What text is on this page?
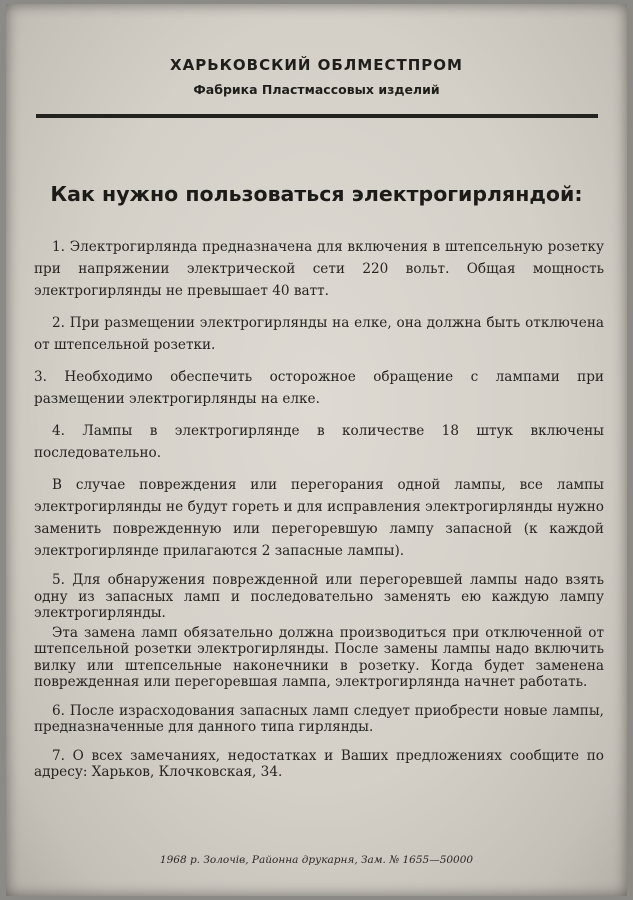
ХАРЬКОВСКИЙ ОБЛМЕСТПРОМ
Фабрика Пластмассовых изделий
Как нужно пользоваться электрогирляндой:

1. Электрогирлянда предназначена для включения в штепсельную розетку при напряжении электрической сети 220 вольт. Общая мощность электрогирлянды не превышает 40 ватт.

2. При размещении электрогирлянды на елке, она должна быть отключена от штепсельной розетки.

3. Необходимо обеспечить осторожное обращение с лампами при размещении электрогирлянды на елке.

4. Лампы в электрогирлянде в количестве 18 штук включены последовательно.

В случае повреждения или перегорания одной лампы, все лампы электрогирлянды не будут гореть и для исправления электрогирлянды нужно заменить поврежденную или перегоревшую лампу запасной (к каждой электрогирлянде прилагаются 2 запасные лампы).

5. Для обнаружения поврежденной или перегоревшей лампы надо взять одну из запасных ламп и последовательно заменять ею каждую лампу электрогирлянды.

Эта замена ламп обязательно должна производиться при отключенной от штепсельной розетки электрогирлянды. После замены лампы надо включить вилку или штепсельные наконечники в розетку. Когда будет заменена поврежденная или перегоревшая лампа, электрогирлянда начнет работать.

6. После израсходования запасных ламп следует приобрести новые лампы, предназначенные для данного типа гирлянды.

7. О всех замечаниях, недостатках и Ваших предложениях сообщите по адресу: Харьков, Клочковская, 34.

1968 р. Золочів, Районна друкарня, Зам. № 1655—50000
